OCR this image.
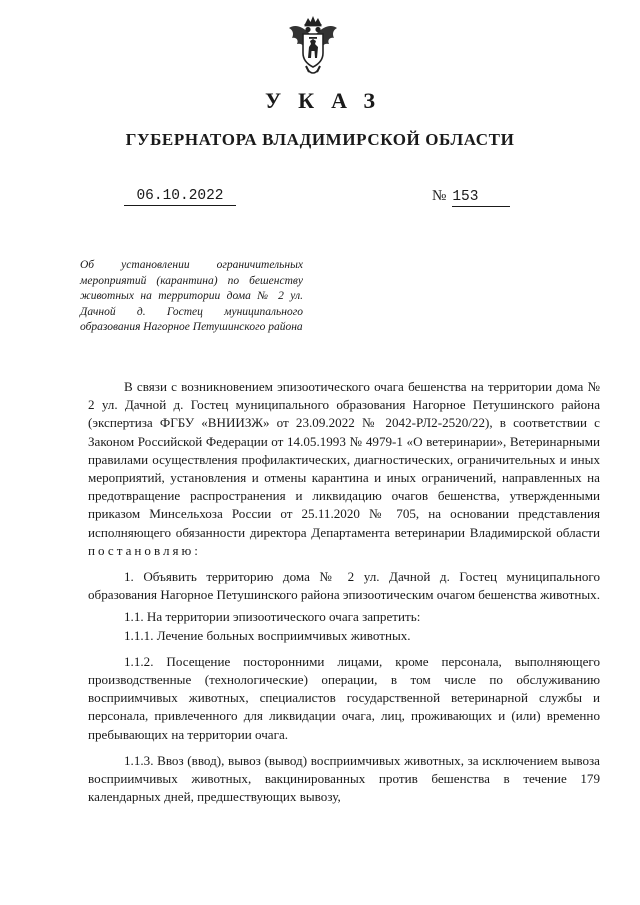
УКАЗ
ГУБЕРНАТОРА ВЛАДИМИРСКОЙ ОБЛАСТИ
06.10.2022	№ 153
Об установлении ограничительных мероприятий (карантина) по бешенству животных на территории дома № 2 ул. Дачной д. Гостец муниципального образования Нагорное Петушинского района

В связи с возникновением эпизоотического очага бешенства на территории дома № 2 ул. Дачной д. Гостец муниципального образования Нагорное Петушинского района (экспертиза ФГБУ «ВНИИЗЖ» от 23.09.2022 № 2042-РЛ2-2520/22), в соответствии с Законом Российской Федерации от 14.05.1993 № 4979-1 «О ветеринарии», Ветеринарными правилами осуществления профилактических, диагностических, ограничительных и иных мероприятий, установления и отмены карантина и иных ограничений, направленных на предотвращение распространения и ликвидацию очагов бешенства, утвержденными приказом Минсельхоза России от 25.11.2020 № 705, на основании представления исполняющего обязанности директора Департамента ветеринарии Владимирской области постановляю:

1. Объявить территорию дома № 2 ул. Дачной д. Гостец муниципального образования Нагорное Петушинского района эпизоотическим очагом бешенства животных.

1.1. На территории эпизоотического очага запретить:

1.1.1. Лечение больных восприимчивых животных.

1.1.2. Посещение посторонними лицами, кроме персонала, выполняющего производственные (технологические) операции, в том числе по обслуживанию восприимчивых животных, специалистов государственной ветеринарной службы и персонала, привлеченного для ликвидации очага, лиц, проживающих и (или) временно пребывающих на территории очага.

1.1.3. Ввоз (ввод), вывоз (вывод) восприимчивых животных, за исключением вывоза восприимчивых животных, вакцинированных против бешенства в течение 179 календарных дней, предшествующих вывозу,
